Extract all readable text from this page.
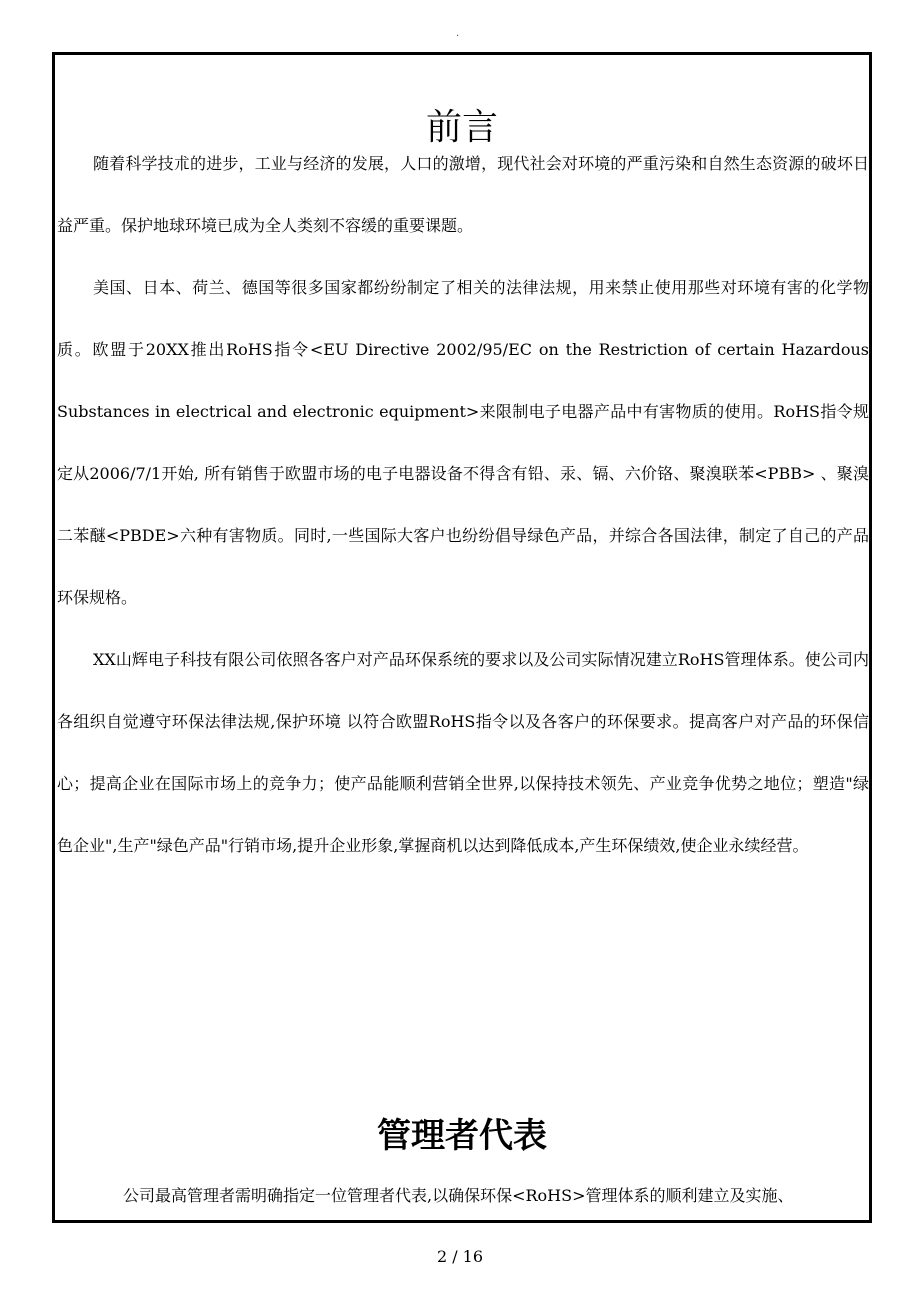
.
前言

随着科学技朮的进步，工业与经济的发展，人口的激增，现代社会对环境的严重污染和自然生态资源的破坏日益严重。保护地球环境已成为全人类刻不容缓的重要课题。

美国、日本、荷兰、德国等很多国家都纷纷制定了相关的法律法规，用来禁止使用那些对环境有害的化学物质。欧盟于20XX推出RoHS指令<EU Directive 2002/95/EC on the Restriction of certain Hazardous Substances in electrical and electronic equipment>来限制电子电器产品中有害物质的使用。RoHS指令规定从2006/7/1开始, 所有销售于欧盟市场的电子电器设备不得含有铅、汞、镉、六价铬、聚溴联苯<PBB> 、聚溴二苯醚<PBDE>六种有害物质。同时,一些国际大客户也纷纷倡导绿色产品，并综合各国法律，制定了自己的产品环保规格。

XX山辉电子科技有限公司依照各客户对产品环保系统的要求以及公司实际情况建立RoHS管理体系。使公司内各组织自觉遵守环保法律法规,保护环境 以符合欧盟RoHS指令以及各客户的环保要求。提高客户对产品的环保信心；提高企业在国际市场上的竞争力；使产品能顺利营销全世界,以保持技术领先、产业竞争优势之地位；塑造"绿色企业",生产"绿色产品"行销市场,提升企业形象,掌握商机以达到降低成本,产生环保绩效,使企业永续经营。

管理者代表

公司最高管理者需明确指定一位管理者代表,以确保环保<RoHS>管理体系的顺利建立及实施、

2 / 16
